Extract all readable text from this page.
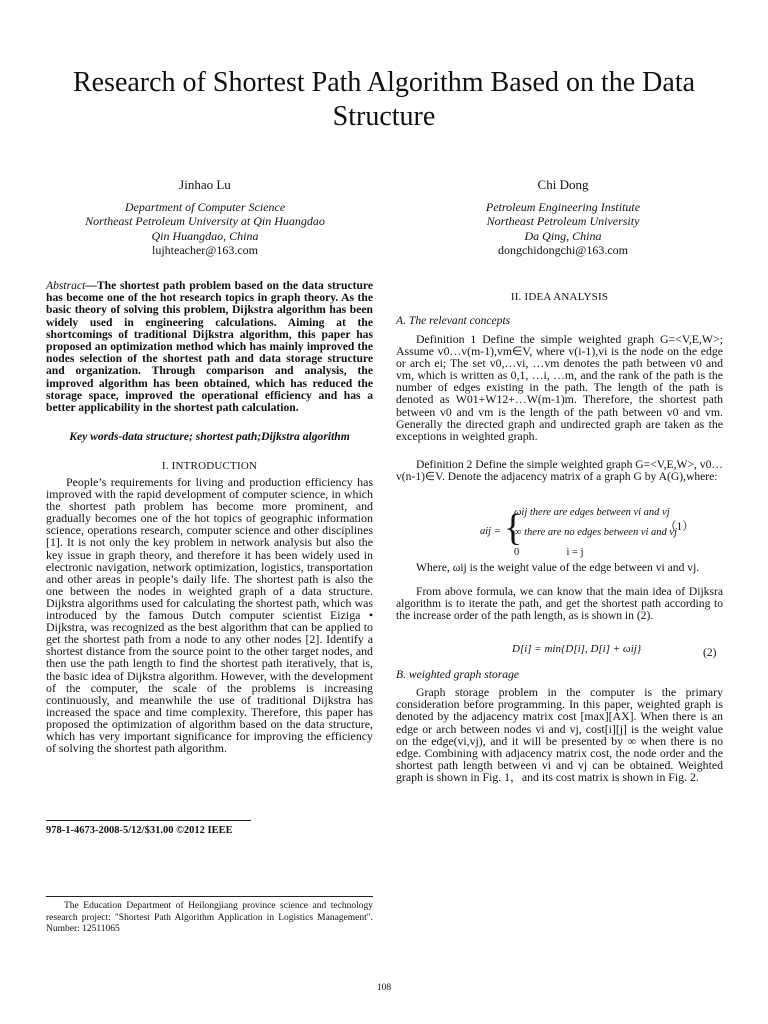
Research of Shortest Path Algorithm Based on the Data Structure
Jinhao Lu
Department of Computer Science
Northeast Petroleum University at Qin Huangdao
Qin Huangdao, China
lujhteacher@163.com
Chi Dong
Petroleum Engineering Institute
Northeast Petroleum University
Da Qing, China
dongchidongchi@163.com
Abstract—The shortest path problem based on the data structure has become one of the hot research topics in graph theory. As the basic theory of solving this problem, Dijkstra algorithm has been widely used in engineering calculations. Aiming at the shortcomings of traditional Dijkstra algorithm, this paper has proposed an optimization method which has mainly improved the nodes selection of the shortest path and data storage structure and organization. Through comparison and analysis, the improved algorithm has been obtained, which has reduced the storage space, improved the operational efficiency and has a better applicability in the shortest path calculation.
Key words-data structure; shortest path;Dijkstra algorithm
I. INTRODUCTION
People’s requirements for living and production efficiency has improved with the rapid development of computer science, in which the shortest path problem has become more prominent, and gradually becomes one of the hot topics of geographic information science, operations research, computer science and other disciplines [1]. It is not only the key problem in network analysis but also the key issue in graph theory, and therefore it has been widely used in electronic navigation, network optimization, logistics, transportation and other areas in people’s daily life. The shortest path is also the one between the nodes in weighted graph of a data structure. Dijkstra algorithms used for calculating the shortest path, which was introduced by the famous Dutch computer scientist Eiziga • Dijkstra, was recognized as the best algorithm that can be applied to get the shortest path from a node to any other nodes [2]. Identify a shortest distance from the source point to the other target nodes, and then use the path length to find the shortest path iteratively, that is, the basic idea of Dijkstra algorithm. However, with the development of the computer, the scale of the problems is increasing continuously, and meanwhile the use of traditional Dijkstra has increased the space and time complexity. Therefore, this paper has proposed the optimization of algorithm based on the data structure, which has very important significance for improving the efficiency of solving the shortest path algorithm.
978-1-4673-2008-5/12/$31.00 ©2012 IEEE
The Education Department of Heilongjiang province science and technology research project: "Shortest Path Algorithm Application in Logistics Management". Number: 12511065
II. IDEA ANALYSIS
A. The relevant concepts
Definition 1 Define the simple weighted graph G=<V,E,W>; Assume v0…v(m-1),vm∈V, where v(i-1),vi is the node on the edge or arch ei; The set v0,…vi, …vm denotes the path between v0 and vm, which is written as 0,1, …i, …m, and the rank of the path is the number of edges existing in the path. The length of the path is denoted as W01+W12+…W(m-1)m. Therefore, the shortest path between v0 and vm is the length of the path between v0 and vm. Generally the directed graph and undirected graph are taken as the exceptions in weighted graph.
Definition 2 Define the simple weighted graph G=<V,E,W>, v0…v(n-1)∈V. Denote the adjacency matrix of a graph G by A(G),where:
aij = {
ωij there are edges between vi and vj
∞ there are no edges between vi and vj
0                  i = j
（1）
Where, ωij is the weight value of the edge between vi and vj.
From above formula, we can know that the main idea of Dijksra algorithm is to iterate the path, and get the shortest path according to the increase order of the path length, as is shown in (2).
D[i] = min{D[i], D[i] + ωij}	(2)
B. weighted graph storage
Graph storage problem in the computer is the primary consideration before programming. In this paper, weighted graph is denoted by the adjacency matrix cost [max][AX]. When there is an edge or arch between nodes vi and vj, cost[i][j] is the weight value on the edge(vi,vj), and it will be presented by ∞ when there is no edge. Combining with adjacency matrix cost, the node order and the shortest path length between vi and vj can be obtained. Weighted graph is shown in Fig. 1，and its cost matrix is shown in Fig. 2.
108
